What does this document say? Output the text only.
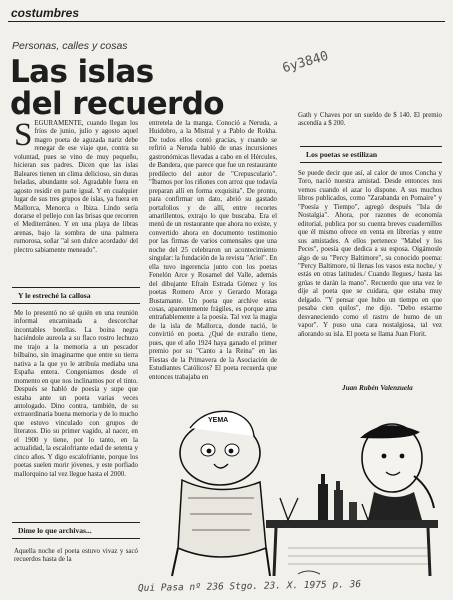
costumbres
Personas, calles y cosas
Las islas
del recuerdo
6y3840
S EGURAMENTE, cuando llegan los fríos de junio, julio y agosto aquel magro poeta de aguzada nariz debe renegar de ese viaje que, contra su voluntad, pues se vino de muy pequeño, hicieran sus padres. Dicen que las islas Baleares tienen un clima delicioso, sin duras heladas, abundante sol. Agradable fuera en agosto residir en parte igual. Y en cualquier lugar de sus tres grupos de islas, ya fuera en Mallorca, Menorca o Ibiza. Lindo sería dorarse el pellejo con las brisas que recorren el Mediterráneo. Y en una playa de libras arenas, bajo la sombra de una palmera rumorosa, soñar "al son dulce acordado/ del plectro sabiamente meneado".
Y le estreché la callosa
Me lo presentó no sé quién en una reunión informal encaminada a descorchar incontables botellas. La boina negra haciéndole aureola a su flaco rostro lechuzo me trajo a la memoria a un pescador bilbaíno, sin imaginarme que entre su tierra nativa a la que yo le atribuía mediaba una España entera. Congeniamos desde el momento en que nos inclinamos por el tinto. Después se habló de poesía y supe que estaba ante un poeta varias veces antologado. Dino contra, también, de su extraordinaria buena memoria y de lo mucho que estuvo vinculado con grupos de literatos. Dio su primer vagido, al nacer, en el 1900 y tiene, por lo tanto, en la actualidad, la escalofriante edad de setenta y cinco años. Y digo escalofriante, porque los poetas suelen morir jóvenes, y este porfiado mallorquino tal vez llegue hasta el 2000.
Dime lo que archivas...
Aquella noche el poeta estuvo vivaz y sacó recuerdos hasta de la
entretela de la manga. Conoció a Neruda, a Huidobro, a la Mistral y a Pablo de Rokha. De todos ellos contó gracias, y cuando se refirió a Neruda habló de unas incursiones gastronómicas llevadas a cabo en el Hércules, de Bandera, que parece que fue un restaurante predilecto del autor de "Crepusculario". "Íbamos por los riñones con arroz que todavía preparan allí en forma exquisita". De pronto, para confirmar un dato, abrió su gastado portafolios y de allí, entre recortes amarillentos, extrajo lo que buscaba. Era el menú de un restaurante que ahora no existe, y convertido ahora en documento testimonio por las firmas de varios comensales que una noche del 25 celebraron un acontecimiento singular: la fundación de la revista "Ariel". En ella tuvo ingerencia junto con los poetas Fenelón Arce y Rosamel del Valle, además del dibujante Efraín Estrada Gómez y los poetas Romero Arce y Gerardo Moraga Bustamante. Un poeta que archive estas cosas, aparentemente frágiles, es porque ama entrañablemente a la poesía. Tal vez la magia de la isla de Mallorca, donde nació, le convirtió en poeta. ¿Qué de extraño tiene, pues, que el año 1924 haya ganado el primer premio por su "Canto a la Reina" en las Fiestas de la Primavera de la Asociación de Estudiantes Católicos? El poeta recuerda que entonces trabajaba en
Gath y Chaves por un sueldo de $ 140. El premio ascendía a $ 200.
Los poetas se estilizan
Se puede decir que así, al calor de unos Concha y Toro, nació nuestra amistad. Desde entonces nos vemos cuando el azar lo dispone. A sus muchos libros publicados, como "Zarabanda en Pomaire" y "Poesía y Tiempo", agregó después "Isla de Nostalgia". Ahora, por razones de economía editorial, publica por su cuenta breves cuadernillos que él mismo ofrece en venta en librerías y entre sus amistades. A ellos pertenece "Mabel y los Peces", poesía que dedica a su esposa. Oigámosle algo de su "Percy Baltimore", su conocido poema: "Percy Baltimore, tú llenas los vasos esta noche,/ y estás en otras latitudes./ Cuando llegues,/ hasta las grúas te darán la mano". Recuerdo que una vez le dije al poeta que se cuidara, que estaba muy delgado. "Y pensar que hubo un tiempo en que pesaba cien quilos", me dijo. "Debo estarme desvaneciendo como el rastro de humo de un vapor". Y puso una cara nostalgiosa, tal vez añorando su isla. El poeta se llama Juan Florit.
Juan Rubén Valenzuela
YEMA
Qui Pasa nº 236 Stgo. 23. X. 1975 p. 36
